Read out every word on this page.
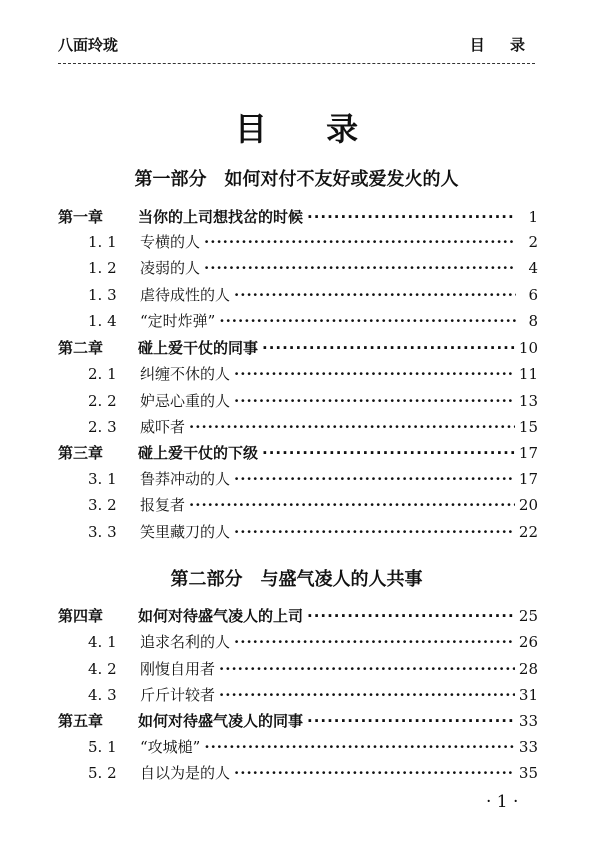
八面玲珑	目 录
目 录
第一部分　如何对付不友好或爱发火的人
第一章	当你的上司想找岔的时候 ·····	1
1. 1	专横的人 ·····	2
1. 2	凌弱的人 ·····	4
1. 3	虐待成性的人 ·····	6
1. 4	“定时炸弹” ·····	8
第二章	碰上爱干仗的同事 ·····	10
2. 1	纠缠不休的人 ·····	11
2. 2	妒忌心重的人 ·····	13
2. 3	威吓者 ·····	15
第三章	碰上爱干仗的下级 ·····	17
3. 1	鲁莽冲动的人 ·····	17
3. 2	报复者 ·····	20
3. 3	笑里藏刀的人 ·····	22
第二部分　与盛气凌人的人共事
第四章	如何对待盛气凌人的上司 ·····	25
4. 1	追求名利的人 ·····	26
4. 2	刚愎自用者 ·····	28
4. 3	斤斤计较者 ·····	31
第五章	如何对待盛气凌人的同事 ·····	33
5. 1	“攻城槌” ·····	33
5. 2	自以为是的人 ·····	35
· 1 ·
